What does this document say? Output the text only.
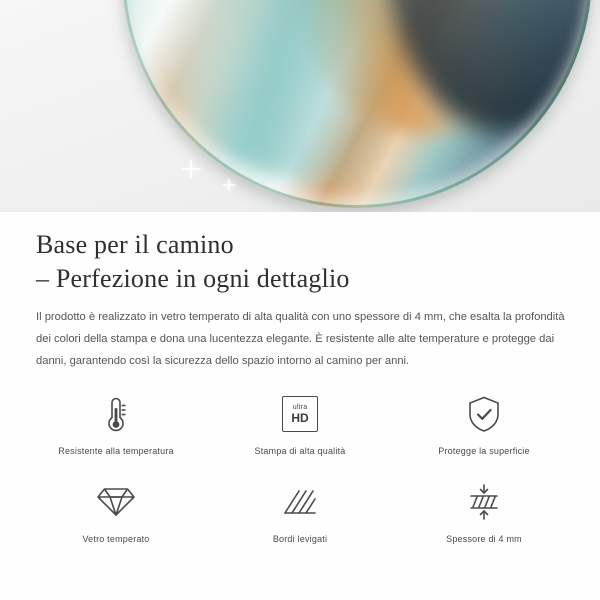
Base per il camino
– Perfezione in ogni dettaglio
Il prodotto è realizzato in vetro temperato di alta qualità con uno spessore di 4 mm, che esalta la profondità dei colori della stampa e dona una lucentezza elegante. È resistente alle alte temperature e protegge dai danni, garantendo così la sicurezza dello spazio intorno al camino per anni.
Resistente alla temperatura
ultra
HD
Stampa di alta qualità	Protegge la superficie
Vetro temperato	Bordi levigati	Spessore di 4 mm
